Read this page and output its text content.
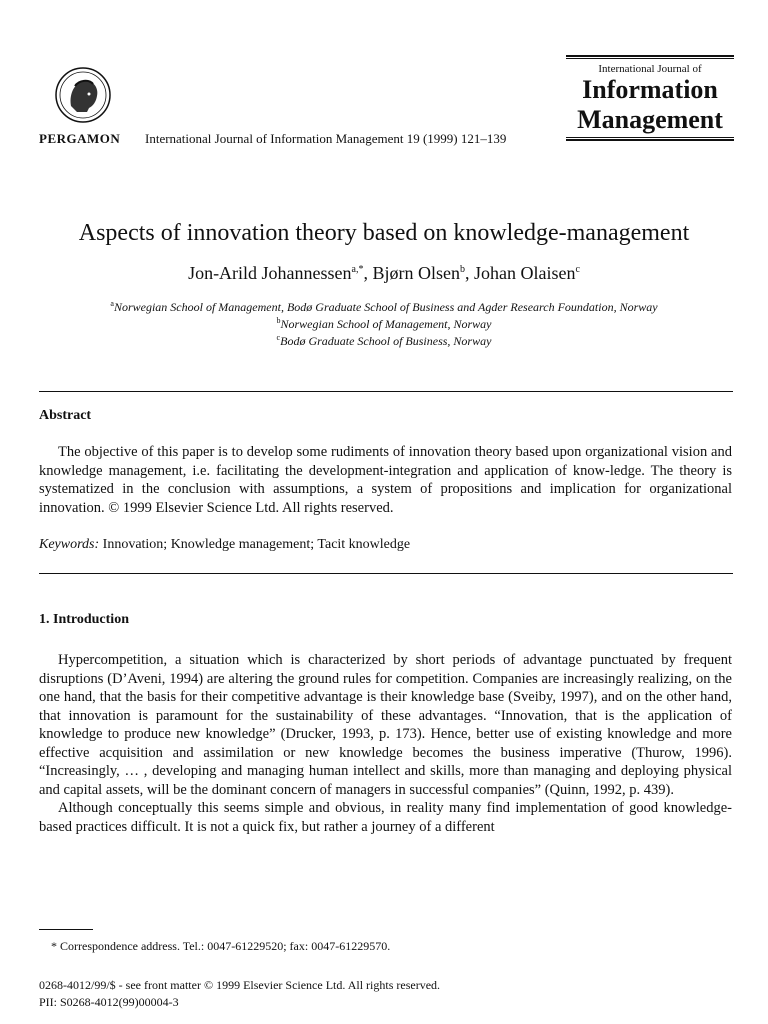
PERGAMON International Journal of Information Management 19 (1999) 121–139
International Journal of
Information
Management
Aspects of innovation theory based on knowledge-management
Jon-Arild Johannessen$^{a,*}$, Bjørn Olsen$^b$, Johan Olaisen$^c$
$^a$Norwegian School of Management, Bodø Graduate School of Business and Agder Research Foundation, Norway
$^b$Norwegian School of Management, Norway
$^c$Bodø Graduate School of Business, Norway
Abstract

The objective of this paper is to develop some rudiments of innovation theory based upon organizational vision and knowledge management, i.e. facilitating the development-integration and application of know-ledge. The theory is systematized in the conclusion with assumptions, a system of propositions and implication for organizational innovation. © 1999 Elsevier Science Ltd. All rights reserved.

Keywords: Innovation; Knowledge management; Tacit knowledge
1. Introduction

Hypercompetition, a situation which is characterized by short periods of advantage punctuated by frequent disruptions (D’Aveni, 1994) are altering the ground rules for competition. Companies are increasingly realizing, on the one hand, that the basis for their competitive advantage is their knowledge base (Sveiby, 1997), and on the other hand, that innovation is paramount for the sustainability of these advantages. “Innovation, that is the application of knowledge to produce new knowledge” (Drucker, 1993, p. 173). Hence, better use of existing knowledge and more effective acquisition and assimilation or new knowledge becomes the business imperative (Thurow, 1996). “Increasingly, … , developing and managing human intellect and skills, more than managing and deploying physical and capital assets, will be the dominant concern of managers in successful companies” (Quinn, 1992, p. 439).

Although conceptually this seems simple and obvious, in reality many find implementation of good knowledge-based practices difficult. It is not a quick fix, but rather a journey of a different

* Correspondence address. Tel.: 0047-61229520; fax: 0047-61229570.
0268-4012/99/$ - see front matter © 1999 Elsevier Science Ltd. All rights reserved.
PII: S0268-4012(99)00004-3
